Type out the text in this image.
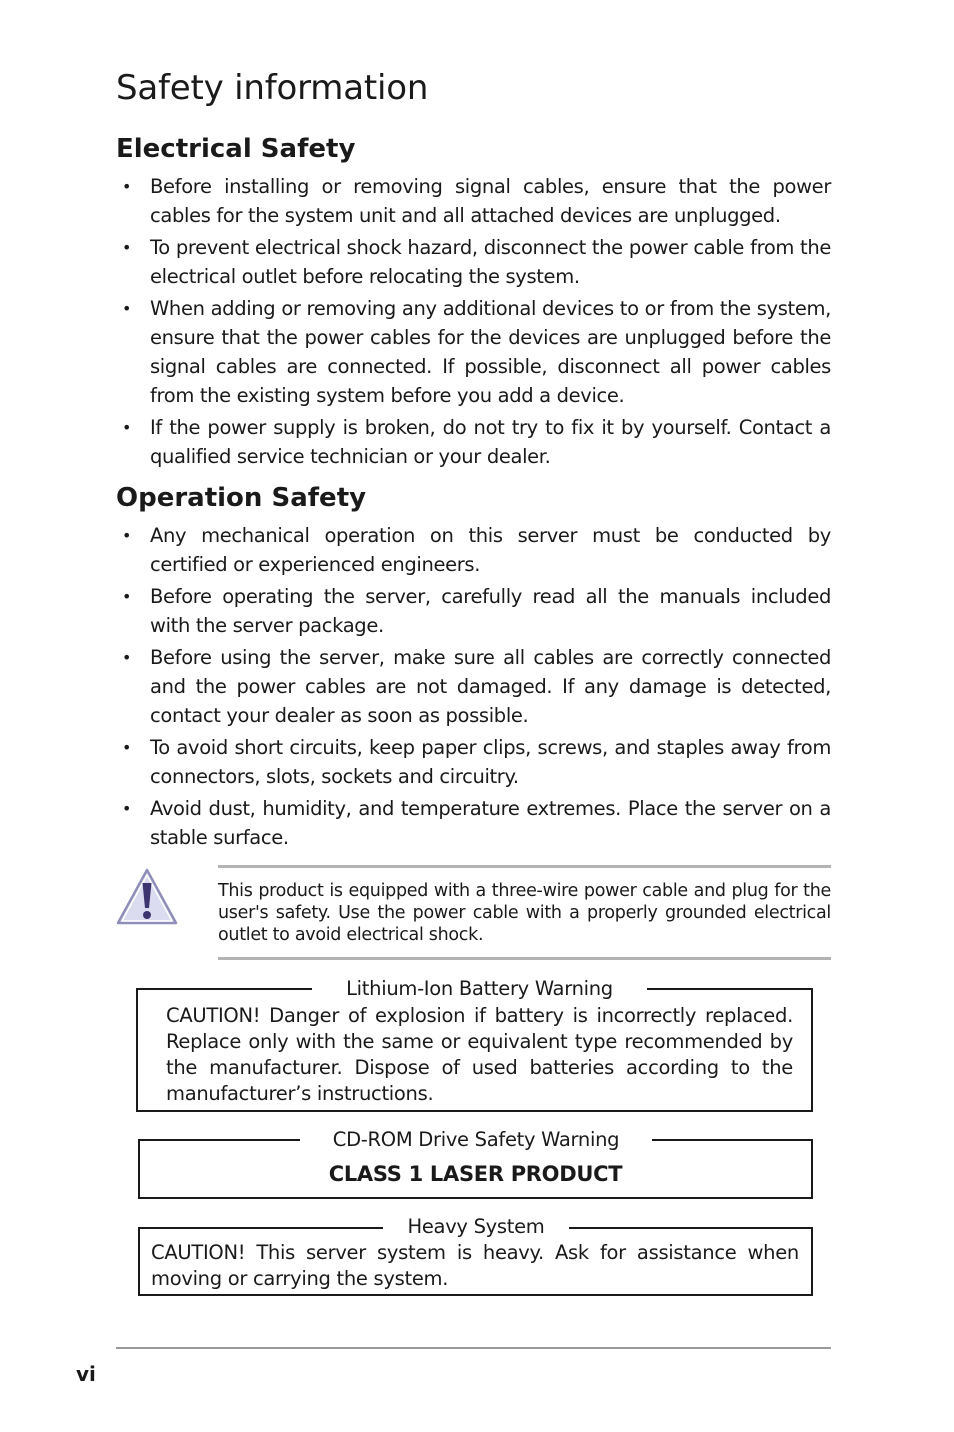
Safety information
Electrical Safety
• Before installing or removing signal cables, ensure that the power cables for the system unit and all attached devices are unplugged.
• To prevent electrical shock hazard, disconnect the power cable from the electrical outlet before relocating the system.
• When adding or removing any additional devices to or from the system, ensure that the power cables for the devices are unplugged before the signal cables are connected. If possible, disconnect all power cables from the existing system before you add a device.
• If the power supply is broken, do not try to fix it by yourself. Contact a qualified service technician or your dealer.
Operation Safety
• Any mechanical operation on this server must be conducted by certified or experienced engineers.
• Before operating the server, carefully read all the manuals included with the server package.
• Before using the server, make sure all cables are correctly connected and the power cables are not damaged. If any damage is detected, contact your dealer as soon as possible.
• To avoid short circuits, keep paper clips, screws, and staples away from connectors, slots, sockets and circuitry.
• Avoid dust, humidity, and temperature extremes. Place the server on a stable surface.

This product is equipped with a three-wire power cable and plug for the user's safety. Use the power cable with a properly grounded electrical outlet to avoid electrical shock.

Lithium-Ion Battery Warning

CAUTION! Danger of explosion if battery is incorrectly replaced. Replace only with the same or equivalent type recommended by the manufacturer. Dispose of used batteries according to the manufacturer’s instructions.

CD-ROM Drive Safety Warning
CLASS 1 LASER PRODUCT
Heavy System

CAUTION! This server system is heavy. Ask for assistance when moving or carrying the system.

vi
